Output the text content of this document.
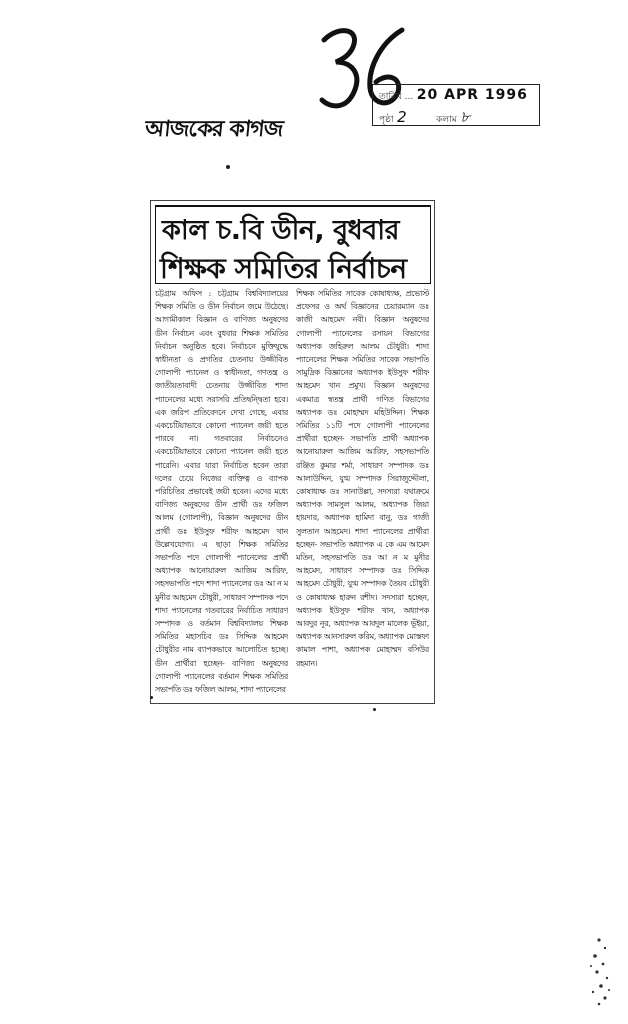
আজকের কাগজ
তারিখ ... 20 APR 1996
পৃষ্ঠা 2	কলাম ৮
কাল চ.বি ডীন, বুধবার
শিক্ষক সমিতির নির্বাচন

চট্টগ্রাম অফিস : চট্টগ্রাম বিশ্ববিদ্যালয়ের শিক্ষক সমিতি ও ডীন নির্বাচন জমে উঠেছে। আগামীকাল বিজ্ঞান ও বাণিজ্য অনুষদের ডীন নির্বাচন এবং বুধবার শিক্ষক সমিতির নির্বাচন অনুষ্ঠিত হবে। নির্বাচনে মুক্তিযুদ্ধে স্বাধীনতা ও প্রগতির চেতনায় উজ্জীবিত গোলাপী প্যানেল ও স্বাধীনতা, গণতন্ত্র ও জাতীয়তাবাদী চেতনায় উজ্জীবিত শাদা প্যানেলের মধ্যে সরাসরি প্রতিদ্বন্দ্বিতা হবে। এক জরিপ প্রতিবেদনে দেখা গেছে, এবার একচেটিয়াভাবে কোনো প্যানেল জয়ী হতে পারবে না। গতবারের নির্বাচনেও একচেটিয়াভাবে কোনো প্যানেল জয়ী হতে পারেনি। এবার যারা নির্বাচিত হবেন তারা দলের চেয়ে নিজের ব্যক্তিত্ব ও ব্যাপক পরিচিতির প্রভাবেই জয়ী হবেন। এদের মধ্যে বাণিজ্য অনুষদের ডীন প্রার্থী ডঃ ফজিল আলম (গোলাপী), বিজ্ঞান অনুষদের ডীন প্রার্থী ডঃ ইউসুফ শরীফ আহমেদ খান উল্লেখযোগ্য। এ ছাড়া শিক্ষক সমিতির সভাপতি পদে গোলাপী প্যানেলের প্রার্থী অধ্যাপক আনোয়ারুল আজিম আরিফ, সহসভাপতি পদে শাদা প্যানেলের ডঃ আ ন ম মুনীর আহমেদ চৌধুরী, সাধারণ সম্পাদক পদে শাদা প্যানেলের গতবারের নির্বাচিত সাধারণ সম্পাদক ও বর্তমান বিশ্ববিদ্যালয় শিক্ষক সমিতির মহাসচিব ডঃ সিদ্দিক আহমেদ চৌধুরীর নাম ব্যাপকভাবে আলোচিত হচ্ছে। ডীন প্রার্থীরা হচ্ছেন- বাণিজ্য অনুষদের গোলাপী প্যানেলের বর্তমান শিক্ষক সমিতির সভাপতি ডঃ ফজিল আলম, শাদা প্যানেলের

শিক্ষক সমিতির সাবেক কোষাধ্যক্ষ, প্রভোস্ট প্রফেসর ও অর্থ বিজ্ঞানের চেয়ারম্যান ডঃ কাজী আহমেদ নবী। বিজ্ঞান অনুষদের গোলাপী প্যানেলের রসায়ন বিভাগের অধ্যাপক জহিরুল আলম চৌধুরী। শাদা প্যানেলের শিক্ষক সমিতির সাবেক সভাপতি সামুদ্রিক বিজ্ঞানের অধ্যাপক ইউসুফ শরীফ আহমেদ খান প্রমুখ। বিজ্ঞান অনুষদের একমাত্র স্বতন্ত্র প্রার্থী গণিত বিভাগের অধ্যাপক ডঃ মোহাম্মদ মহিউদ্দিন। শিক্ষক সমিতির ১১টি পদে গোলাপী প্যানেলের প্রার্থীরা হচ্ছেন- সভাপতি প্রার্থী অধ্যাপক আনোয়ারুল আজিম আরিফ, সহসভাপতি রঞ্জিত কুমার শর্মা, সাধারণ সম্পাদক ডঃ আলাউদ্দিন, যুগ্ম সম্পাদক সিরাজুদ্দৌলা, কোষাধ্যক্ষ ডঃ সানাউল্লা, সদস্যরা যথাক্রমে অধ্যাপক সামসুল আলম, অধ্যাপক জিয়া হায়দার, অধ্যাপক হামিদা বানু, ডঃ গাজী সুলতান আহমেদ। শাদা প্যানেলের প্রার্থীরা হচ্ছেন- সভাপতি অধ্যাপক এ কে এম আমেদ মতিন, সহসভাপতি ডঃ আ ন ম মুনীর আহমেদ, সাধারণ সম্পাদক ডঃ সিদ্দিক আহমেদ চৌধুরী, যুগ্ম সম্পাদক তৈয়ব চৌধুরী ও কোষাধ্যক্ষ হারুন রশীদ। সদস্যরা হচ্ছেন, অধ্যাপক ইউসুফ শরীফ খান, অধ্যাপক আবদুর নূর, অধ্যাপক আবদুল মালেক ভূঁইয়া, অধ্যাপক আনসারুল করিম, অধ্যাপক মোস্তফা কামাল পাশা, অধ্যাপক মোহাম্মদ বসিউর রহমান।
